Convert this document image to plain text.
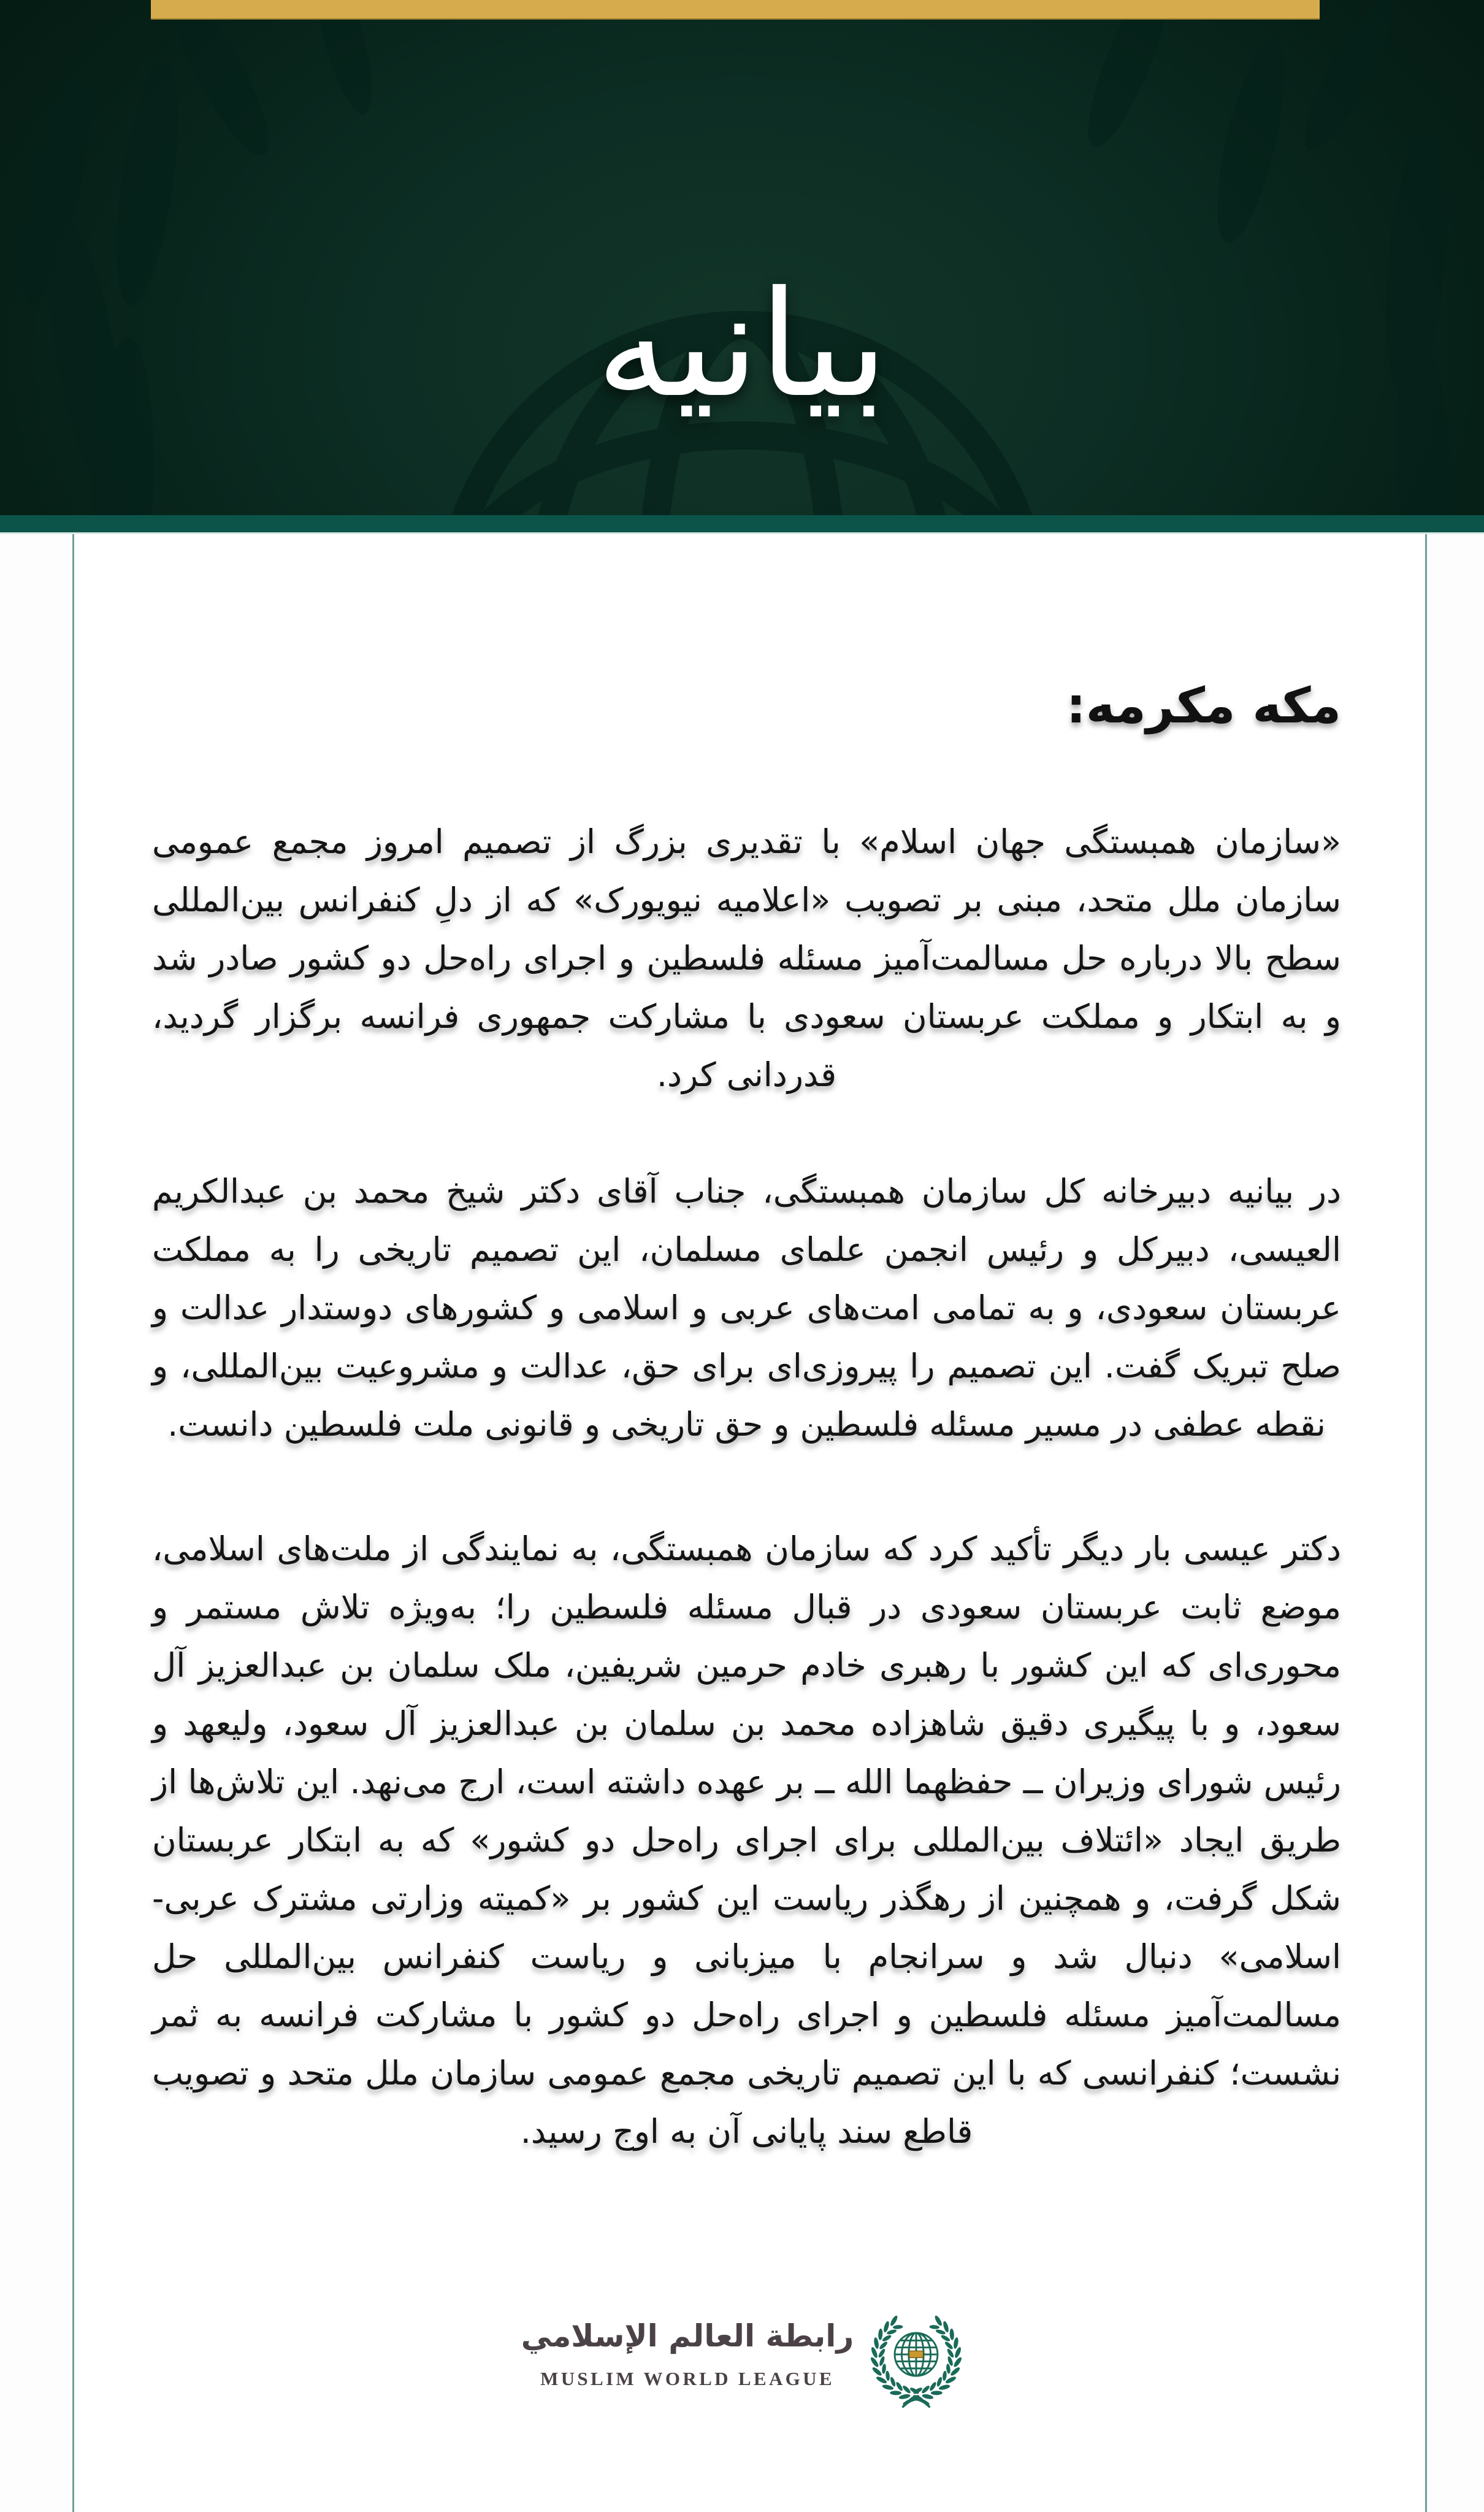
بیانیه

مکه مکرمه:

«سازمان همبستگی جهان اسلام» با تقدیری بزرگ از تصمیم امروز مجمع عمومی سازمان ملل متحد، مبنی بر تصویب «اعلامیه نیویورک» که از دلِ کنفرانس بین‌المللی سطح بالا درباره حل مسالمت‌آمیز مسئله فلسطین و اجرای راه‌حل دو کشور صادر شد و به ابتکار و مملکت عربستان سعودی با مشارکت جمهوری فرانسه برگزار گردید، قدردانی کرد.

در بیانیه دبیرخانه کل سازمان همبستگی، جناب آقای دکتر شیخ محمد بن عبدالکریم العیسی، دبیرکل و رئیس انجمن علمای مسلمان، این تصمیم تاریخی را به مملکت عربستان سعودی، و به تمامی امت‌های عربی و اسلامی و کشورهای دوستدار عدالت و صلح تبریک گفت. این تصمیم را پیروزی‌ای برای حق، عدالت و مشروعیت بین‌المللی، و نقطه عطفی در مسیر مسئله فلسطین و حق تاریخی و قانونی ملت فلسطین دانست.

دکتر عیسی بار دیگر تأکید کرد که سازمان همبستگی، به نمایندگی از ملت‌های اسلامی، موضع ثابت عربستان سعودی در قبال مسئله فلسطین را؛ به‌ویژه تلاش مستمر و محوری‌ای که این کشور با رهبری خادم حرمین شریفین، ملک سلمان بن عبدالعزیز آل سعود، و با پیگیری دقیق شاهزاده محمد بن سلمان بن عبدالعزیز آل سعود، ولیعهد و رئیس شورای وزیران ــ حفظهما الله ــ بر عهده داشته است، ارج می‌نهد. این تلاش‌ها از طریق ایجاد «ائتلاف بین‌المللی برای اجرای راه‌حل دو کشور» که به ابتکار عربستان شکل گرفت، و همچنین از رهگذر ریاست این کشور بر «کمیته وزارتی مشترک عربی-اسلامی» دنبال شد و سرانجام با میزبانی و ریاست کنفرانس بین‌المللی حل مسالمت‌آمیز مسئله فلسطین و اجرای راه‌حل دو کشور با مشارکت فرانسه به ثمر نشست؛ کنفرانسی که با این تصمیم تاریخی مجمع عمومی سازمان ملل متحد و تصویب قاطع سند پایانی آن به اوج رسید.

رابطة العالم الإسلامي
MUSLIM WORLD LEAGUE
